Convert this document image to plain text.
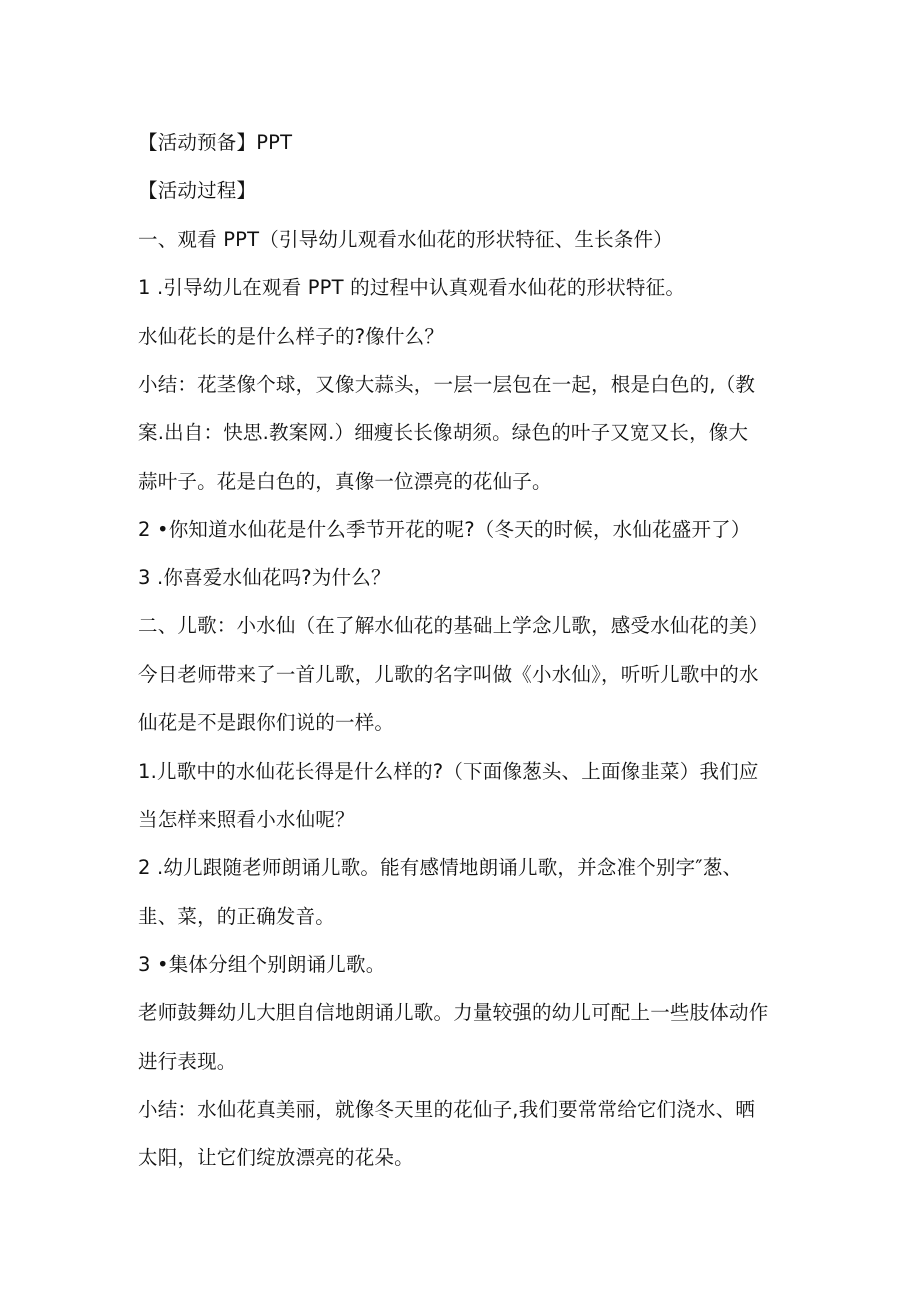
【活动预备】PPT
【活动过程】
一、观看 PPT（引导幼儿观看水仙花的形状特征、生长条件）
1 .引导幼儿在观看 PPT 的过程中认真观看水仙花的形状特征。
水仙花长的是什么样子的?像什么？
小结：花茎像个球，又像大蒜头，一层一层包在一起，根是白色的,（教
案.出自：快思.教案网.）细瘦长长像胡须。绿色的叶子又宽又长，像大
蒜叶子。花是白色的，真像一位漂亮的花仙子。
2 •你知道水仙花是什么季节开花的呢?（冬天的时候，水仙花盛开了）
3 .你喜爱水仙花吗?为什么？
二、儿歌：小水仙（在了解水仙花的基础上学念儿歌，感受水仙花的美）
今日老师带来了一首儿歌，儿歌的名字叫做《小水仙》，听听儿歌中的水
仙花是不是跟你们说的一样。
1.儿歌中的水仙花长得是什么样的?（下面像葱头、上面像韭菜）我们应
当怎样来照看小水仙呢？
2 .幼儿跟随老师朗诵儿歌。能有感情地朗诵儿歌，并念准个别字″葱、
韭、菜，的正确发音。
3 •集体分组个别朗诵儿歌。
老师鼓舞幼儿大胆自信地朗诵儿歌。力量较强的幼儿可配上一些肢体动作
进行表现。
小结：水仙花真美丽，就像冬天里的花仙子,我们要常常给它们浇水、晒
太阳，让它们绽放漂亮的花朵。
